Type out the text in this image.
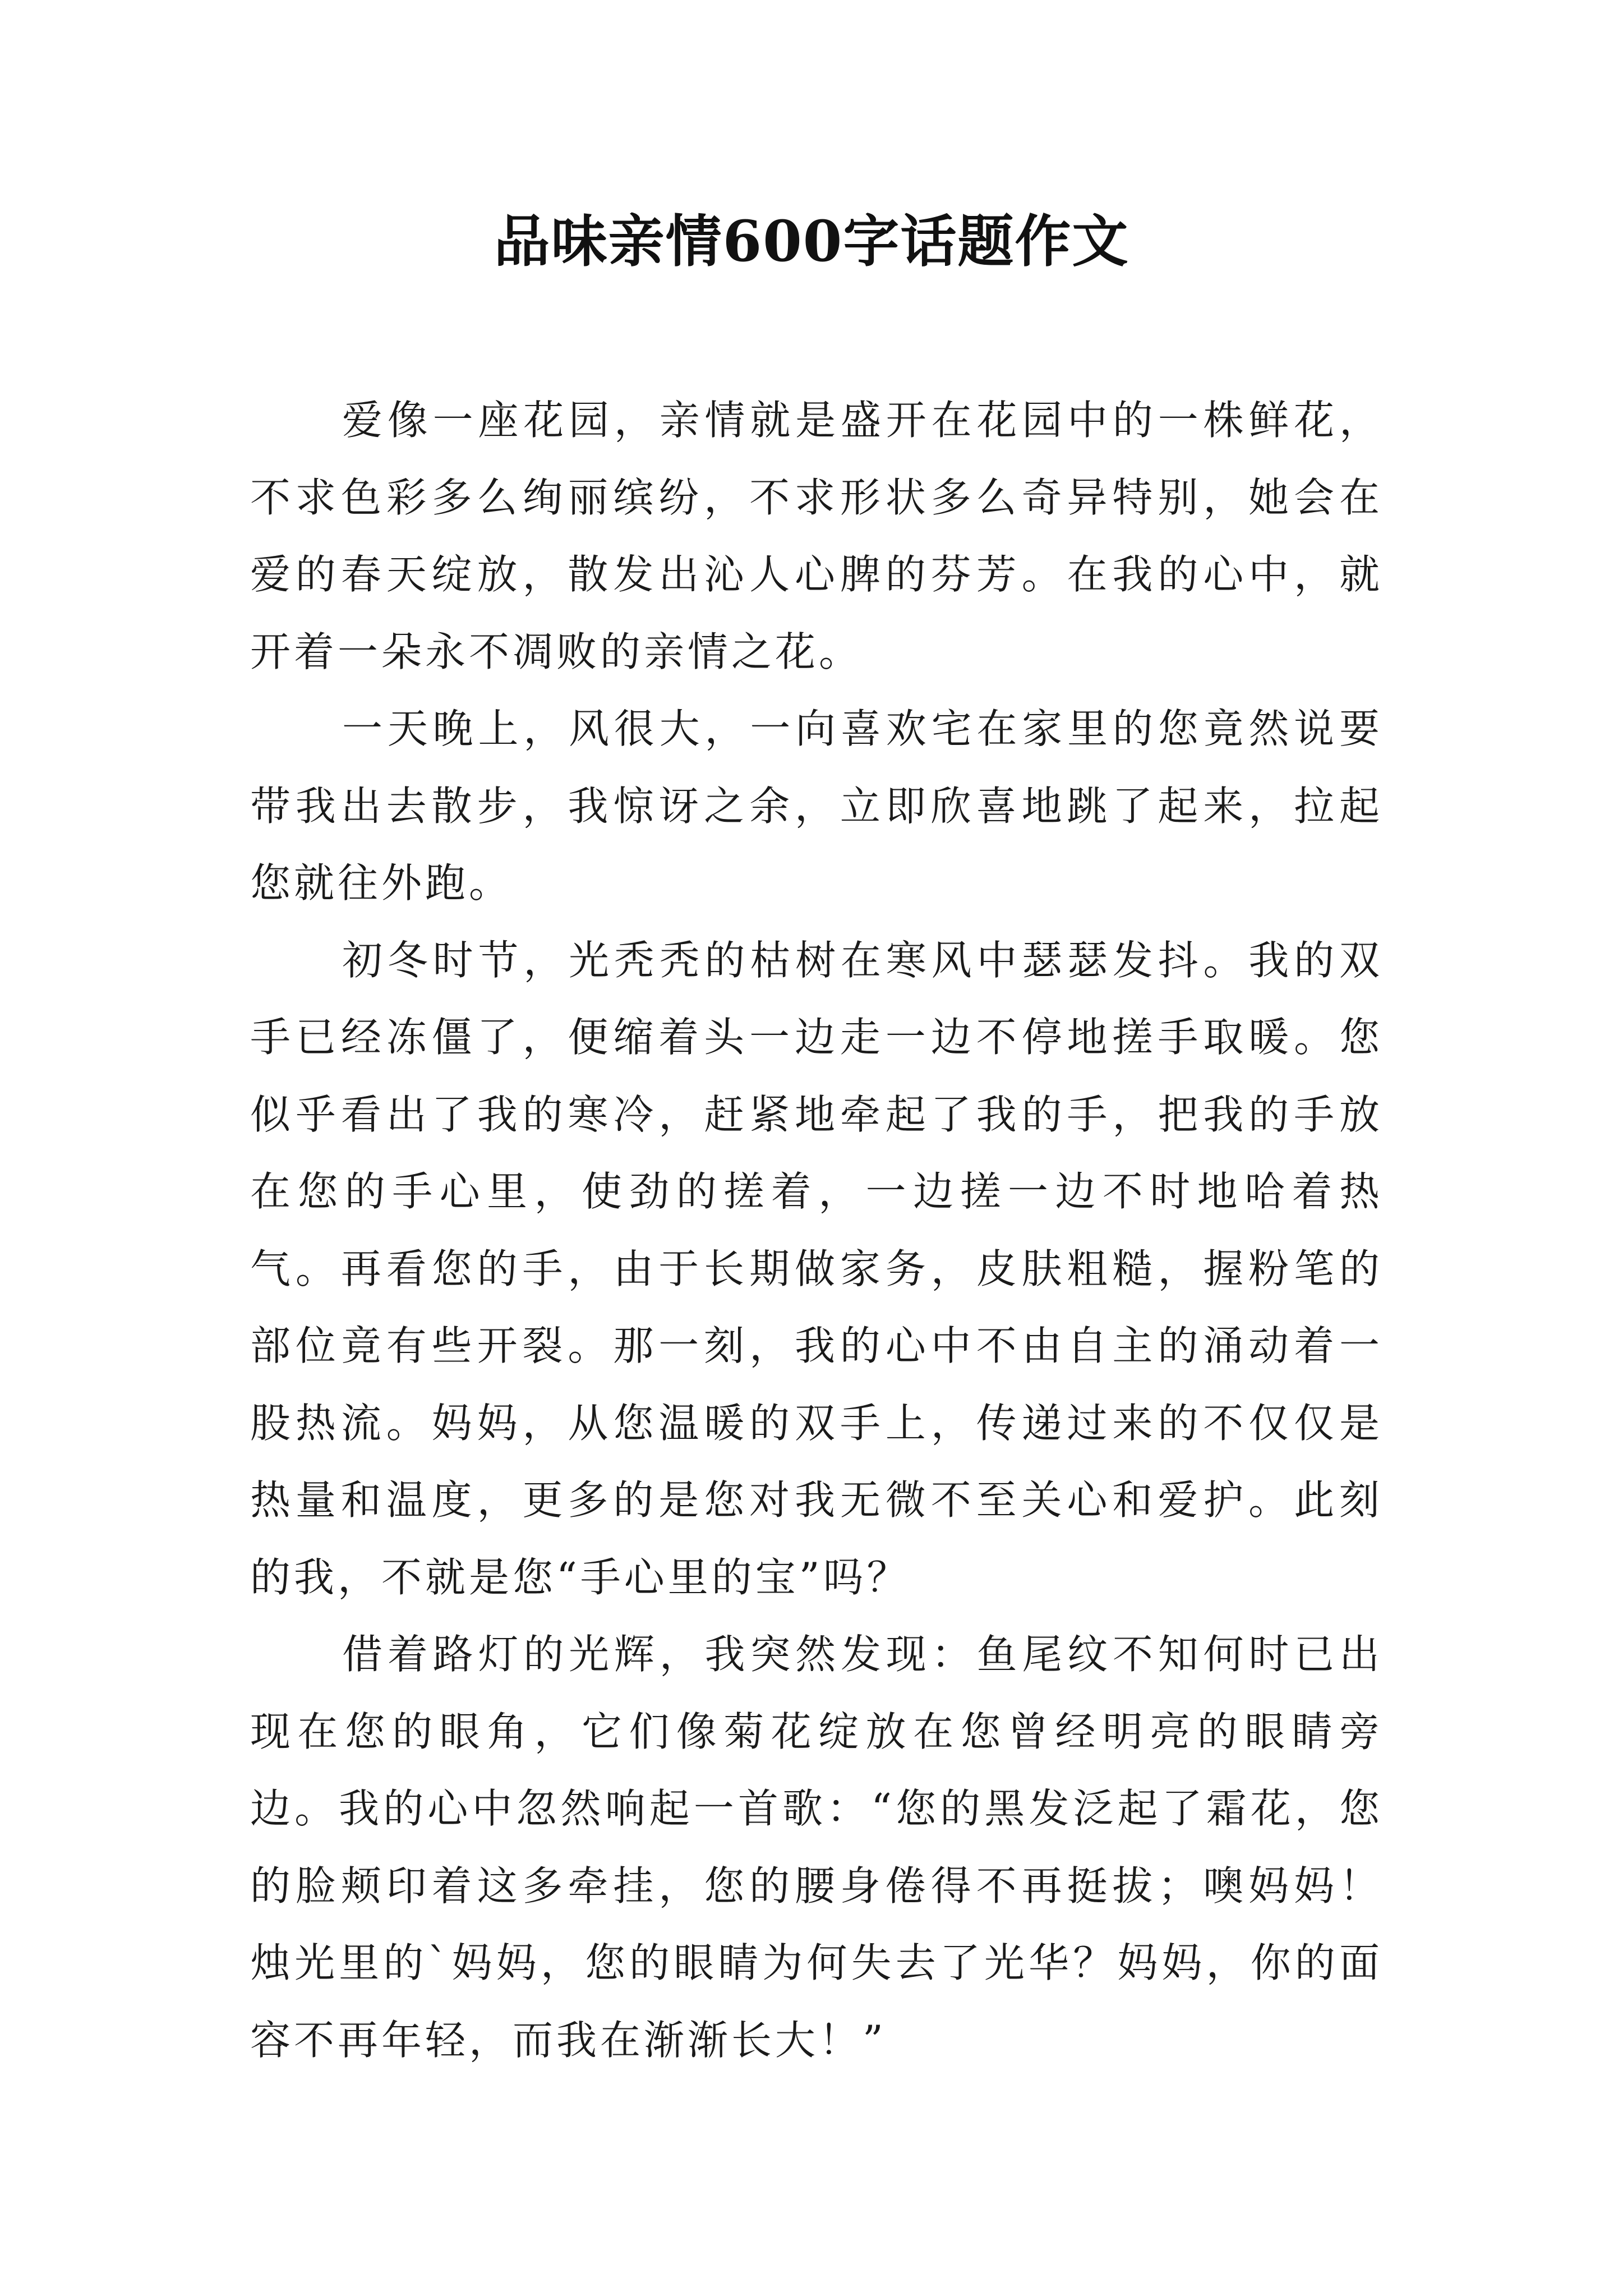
品味亲情600字话题作文

爱像一座花园，亲情就是盛开在花园中的一株鲜花，不求色彩多么绚丽缤纷，不求形状多么奇异特别，她会在爱的春天绽放，散发出沁人心脾的芬芳。在我的心中，就开着一朵永不凋败的亲情之花。

一天晚上，风很大，一向喜欢宅在家里的您竟然说要带我出去散步，我惊讶之余，立即欣喜地跳了起来，拉起您就往外跑。

初冬时节，光秃秃的枯树在寒风中瑟瑟发抖。我的双手已经冻僵了，便缩着头一边走一边不停地搓手取暖。您似乎看出了我的寒冷，赶紧地牵起了我的手，把我的手放在您的手心里，使劲的搓着，一边搓一边不时地哈着热气。再看您的手，由于长期做家务，皮肤粗糙，握粉笔的部位竟有些开裂。那一刻，我的心中不由自主的涌动着一股热流。妈妈，从您温暖的双手上，传递过来的不仅仅是热量和温度，更多的是您对我无微不至关心和爱护。此刻的我，不就是您“手心里的宝”吗？

借着路灯的光辉，我突然发现：鱼尾纹不知何时已出现在您的眼角，它们像菊花绽放在您曾经明亮的眼睛旁边。我的心中忽然响起一首歌：“您的黑发泛起了霜花，您的脸颊印着这多牵挂，您的腰身倦得不再挺拔；噢妈妈！烛光里的`妈妈，您的眼睛为何失去了光华？妈妈，你的面容不再年轻，而我在渐渐长大！”
